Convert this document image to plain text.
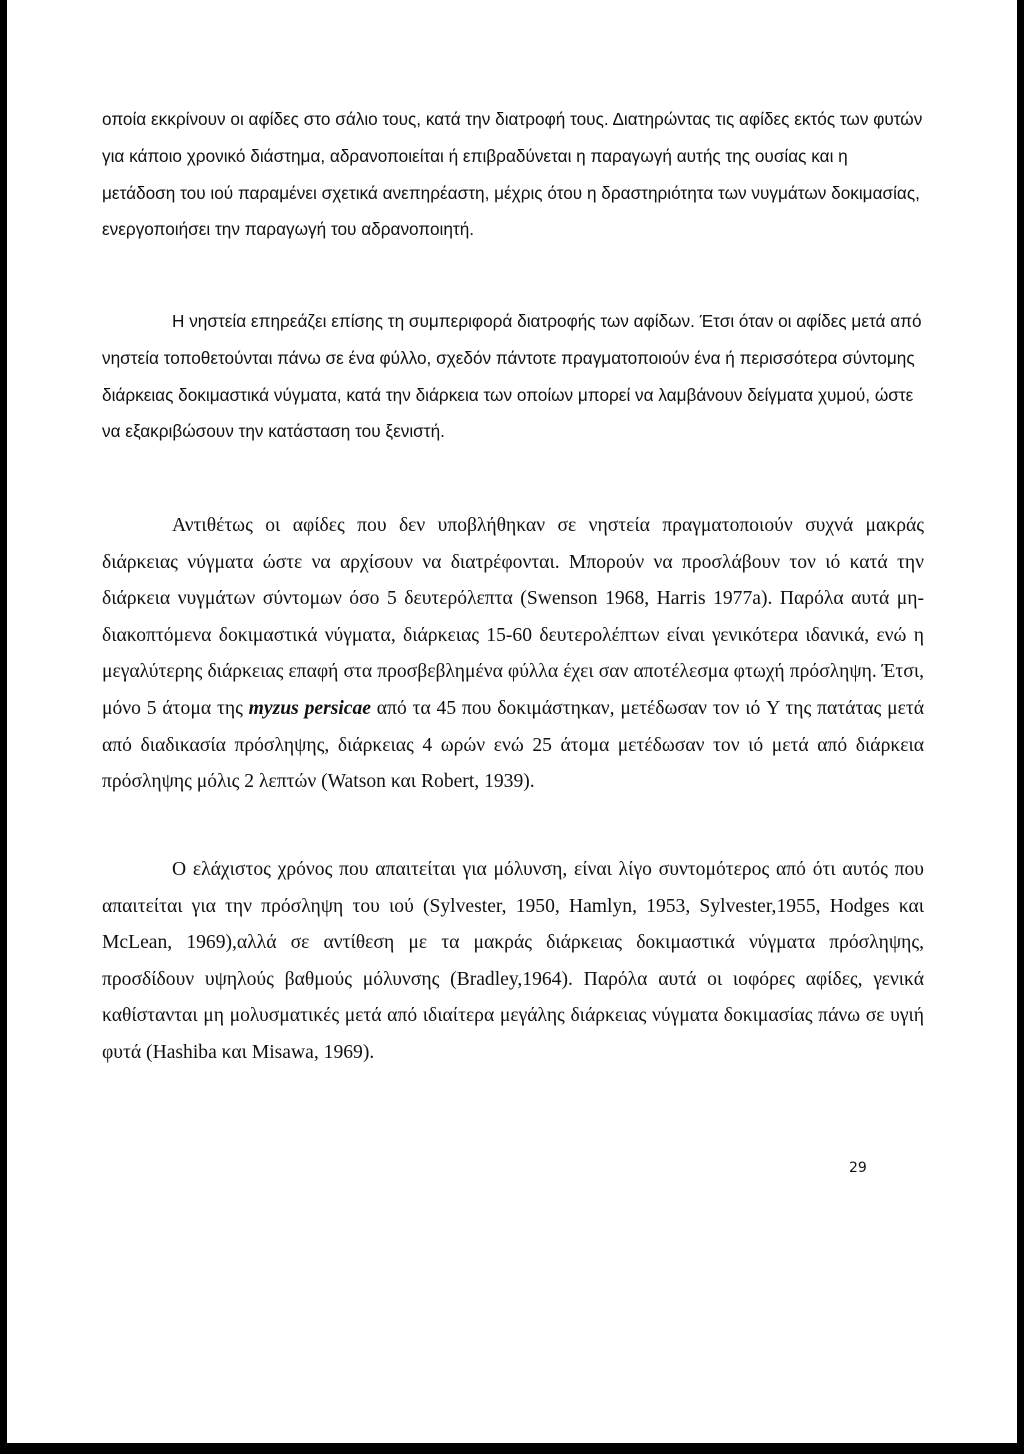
οποία εκκρίνουν οι αφίδες στο σάλιο τους, κατά την διατροφή τους. Διατηρώντας τις αφίδες εκτός των φυτών για κάποιο χρονικό διάστημα, αδρανοποιείται ή επιβραδύνεται η παραγωγή αυτής της ουσίας και η μετάδοση του ιού παραμένει σχετικά ανεπηρέαστη, μέχρις ότου η δραστηριότητα των νυγμάτων δοκιμασίας, ενεργοποιήσει την παραγωγή του αδρανοποιητή.

Η νηστεία επηρεάζει επίσης τη συμπεριφορά διατροφής των αφίδων. Έτσι όταν οι αφίδες μετά από νηστεία τοποθετούνται πάνω σε ένα φύλλο, σχεδόν πάντοτε πραγματοποιούν ένα ή περισσότερα σύντομης διάρκειας δοκιμαστικά νύγματα, κατά την διάρκεια των οποίων μπορεί να λαμβάνουν δείγματα χυμού, ώστε να εξακριβώσουν την κατάσταση του ξενιστή.

Αντιθέτως οι αφίδες που δεν υποβλήθηκαν σε νηστεία πραγματοποιούν συχνά μακράς διάρκειας νύγματα ώστε να αρχίσουν να διατρέφονται. Μπορούν να προσλάβουν τον ιό κατά την διάρκεια νυγμάτων σύντομων όσο 5 δευτερόλεπτα (Swenson 1968, Harris 1977a). Παρόλα αυτά μη- διακοπτόμενα δοκιμαστικά νύγματα, διάρκειας 15-60 δευτερολέπτων είναι γενικότερα ιδανικά, ενώ η μεγαλύτερης διάρκειας επαφή στα προσβεβλημένα φύλλα έχει σαν αποτέλεσμα φτωχή πρόσληψη. Έτσι, μόνο 5 άτομα της myzus persicae από τα 45 που δοκιμάστηκαν, μετέδωσαν τον ιό Y της πατάτας μετά από διαδικασία πρόσληψης, διάρκειας 4 ωρών ενώ 25 άτομα μετέδωσαν τον ιό μετά από διάρκεια πρόσληψης μόλις 2 λεπτών (Watson και Robert, 1939).

Ο ελάχιστος χρόνος που απαιτείται για μόλυνση, είναι λίγο συντομότερος από ότι αυτός που απαιτείται για την πρόσληψη του ιού (Sylvester, 1950, Hamlyn, 1953, Sylvester,1955, Hodges και McLean, 1969),αλλά σε αντίθεση με τα μακράς διάρκειας δοκιμαστικά νύγματα πρόσληψης, προσδίδουν υψηλούς βαθμούς μόλυνσης (Bradley,1964). Παρόλα αυτά οι ιοφόρες αφίδες, γενικά καθίστανται μη μολυσματικές μετά από ιδιαίτερα μεγάλης διάρκειας νύγματα δοκιμασίας πάνω σε υγιή φυτά (Hashiba και Misawa, 1969).

29
